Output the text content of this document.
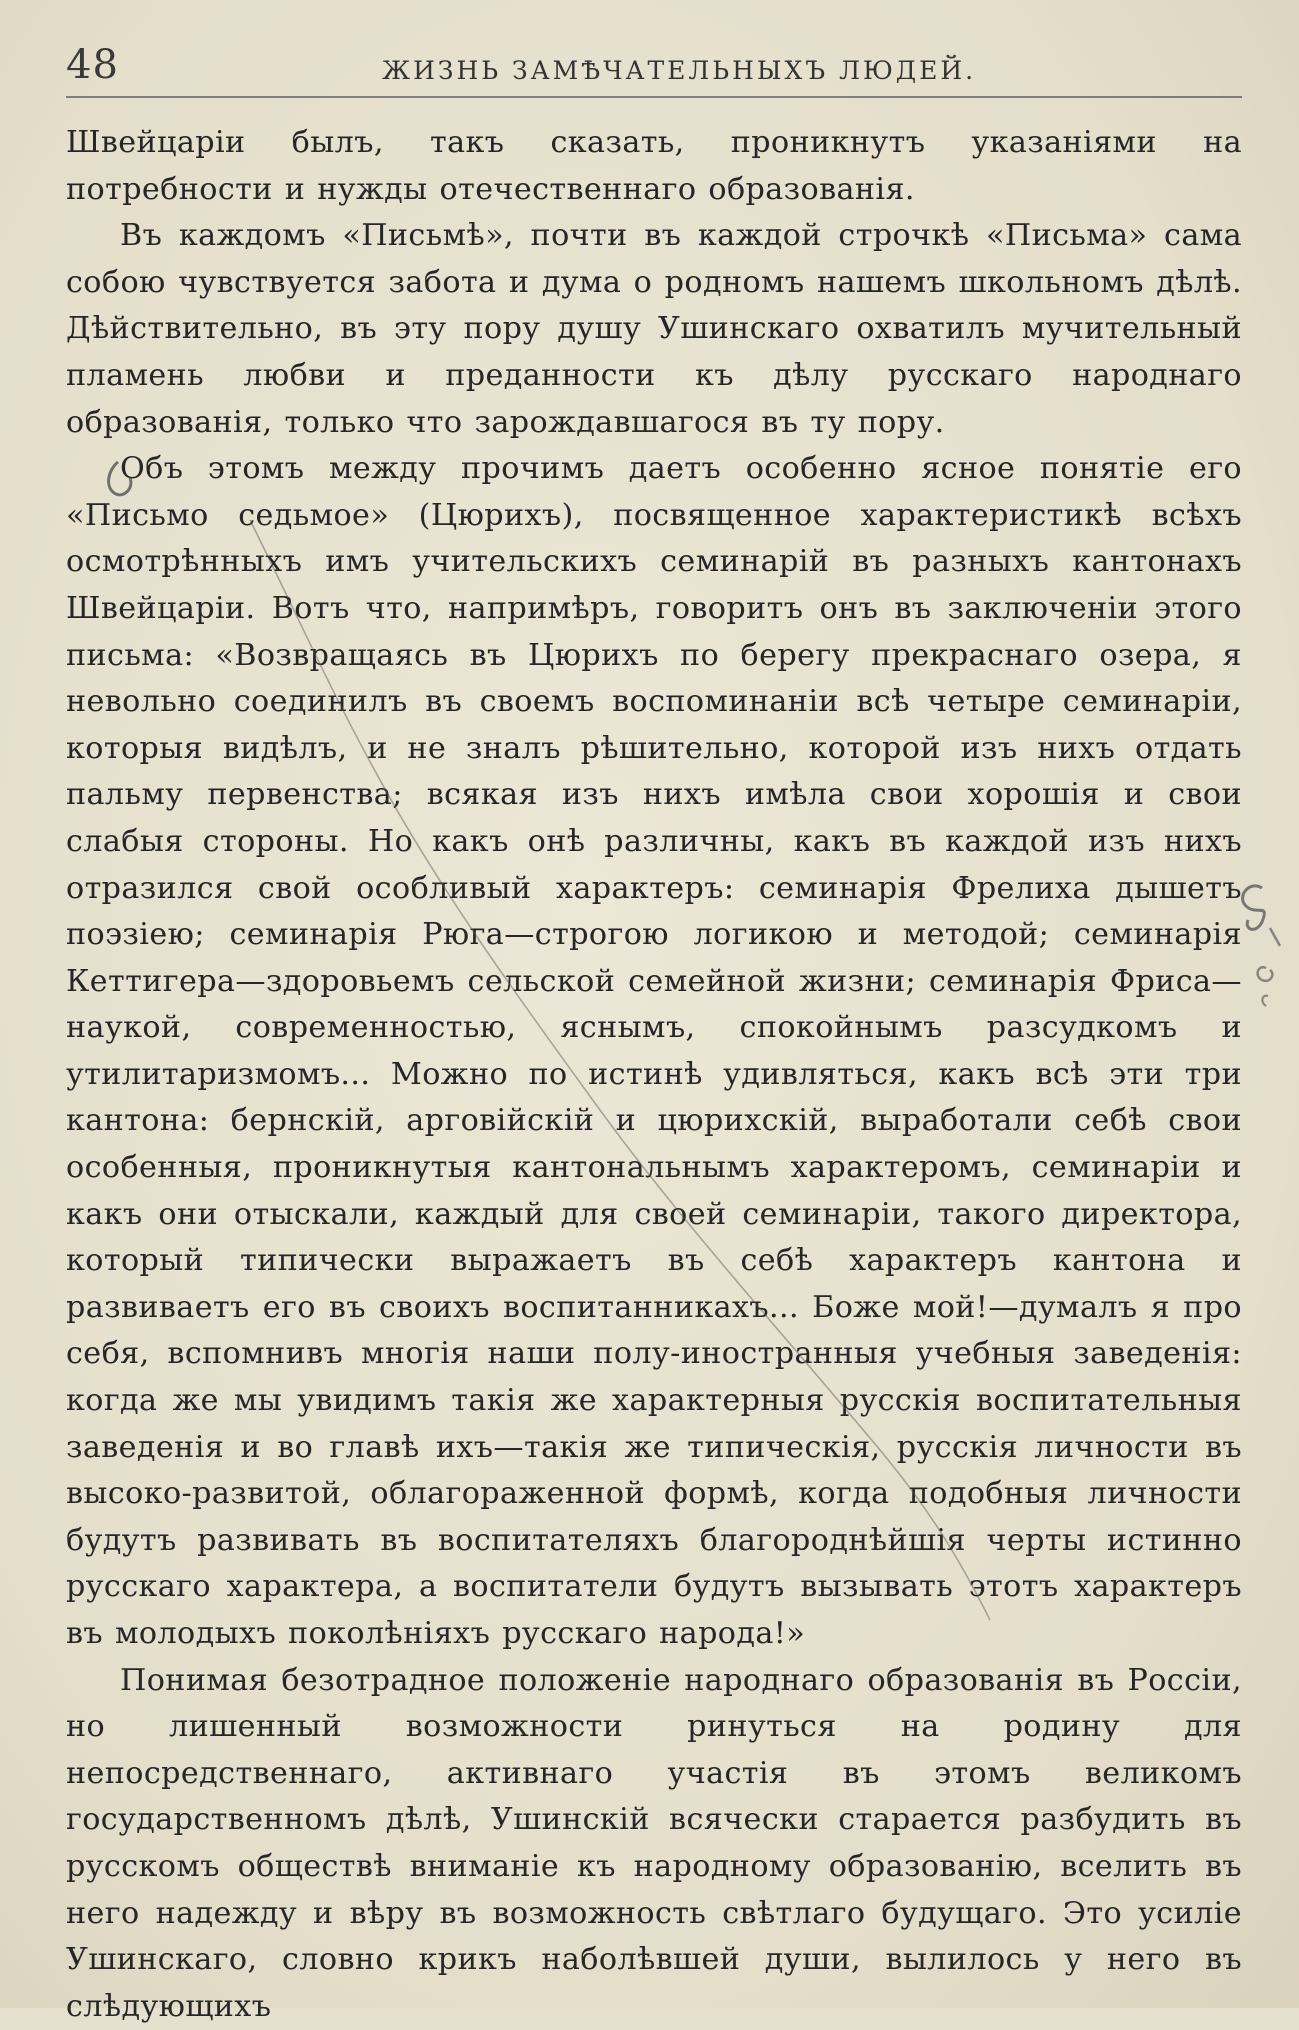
48	ЖИЗНЬ ЗАМѢЧАТЕЛЬНЫХЪ ЛЮДЕЙ.

Швейцаріи былъ, такъ сказать, проникнутъ указаніями на потребности и нужды отечественнаго образованія.

Въ каждомъ «Письмѣ», почти въ каждой строчкѣ «Письма» сама собою чувствуется забота и дума о родномъ нашемъ школьномъ дѣлѣ. Дѣйствительно, въ эту пору душу Ушинскаго охватилъ мучительный пламень любви и преданности къ дѣлу русскаго народнаго образованія, только что зарождавшагося въ ту пору.

Объ этомъ между прочимъ даетъ особенно ясное понятіе его «Письмо седьмое» (Цюрихъ), посвященное характеристикѣ всѣхъ осмотрѣнныхъ имъ учительскихъ семинарій въ разныхъ кантонахъ Швейцаріи. Вотъ что, напримѣръ, говоритъ онъ въ заключеніи этого письма: «Возвращаясь въ Цюрихъ по берегу прекраснаго озера, я невольно соединилъ въ своемъ воспоминаніи всѣ четыре семинаріи, которыя видѣлъ, и не зналъ рѣшительно, которой изъ нихъ отдать пальму первенства; всякая изъ нихъ имѣла свои хорошія и свои слабыя стороны. Но какъ онѣ различны, какъ въ каждой изъ нихъ отразился свой особливый характеръ: семинарія Фрелиха дышетъ поэзіею; семинарія Рюга—строгою логикою и методой; семинарія Кеттигера—здоровьемъ сельской семейной жизни; семинарія Фриса—наукой, современностью, яснымъ, спокойнымъ разсудкомъ и утилитаризмомъ... Можно по истинѣ удивляться, какъ всѣ эти три кантона: бернскій, арговійскій и цюрихскій, выработали себѣ свои особенныя, проникнутыя кантональнымъ характеромъ, семинаріи и какъ они отыскали, каждый для своей семинаріи, такого директора, который типически выражаетъ въ себѣ характеръ кантона и развиваетъ его въ своихъ воспитанникахъ... Боже мой!—думалъ я про себя, вспомнивъ многія наши полу-иностранныя учебныя заведенія: когда же мы увидимъ такія же характерныя русскія воспитательныя заведенія и во главѣ ихъ—такія же типическія, русскія личности въ высоко-развитой, облагораженной формѣ, когда подобныя личности будутъ развивать въ воспитателяхъ благороднѣйшія черты истинно русскаго характера, а воспитатели будутъ вызывать этотъ характеръ въ молодыхъ поколѣніяхъ русскаго народа!»

Понимая безотрадное положеніе народнаго образованія въ Россіи, но лишенный возможности ринуться на родину для непосредственнаго, активнаго участія въ этомъ великомъ государственномъ дѣлѣ, Ушинскій всячески старается разбудить въ русскомъ обществѣ вниманіе къ народному образованію, вселить въ него надежду и вѣру въ возможность свѣтлаго будущаго. Это усиліе Ушинскаго, словно крикъ наболѣвшей души, вылилось у него въ слѣдующихъ
